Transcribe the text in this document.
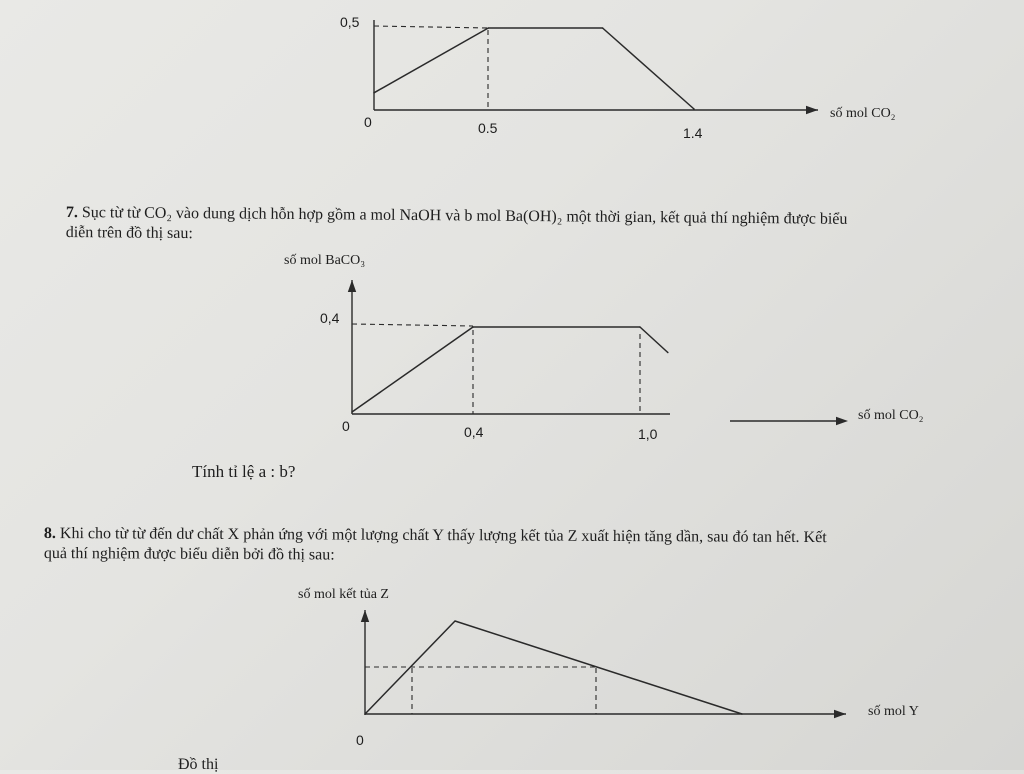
0,5
0	0.5	1.4
số mol CO₂
7. Sục từ từ CO₂ vào dung dịch hỗn hợp gồm a mol NaOH và b mol Ba(OH)₂ một thời gian, kết quả thí nghiệm được biểu
diễn trên đồ thị sau:
số mol BaCO₃
0,4
0	0,4	1,0
số mol CO₂
Tính tỉ lệ a : b?
8. Khi cho từ từ đến dư chất X phản ứng với một lượng chất Y thấy lượng kết tủa Z xuất hiện tăng dần, sau đó tan hết. Kết
quả thí nghiệm được biểu diễn bởi đồ thị sau:
số mol kết tủa Z
0
số mol Y
Đồ thị
